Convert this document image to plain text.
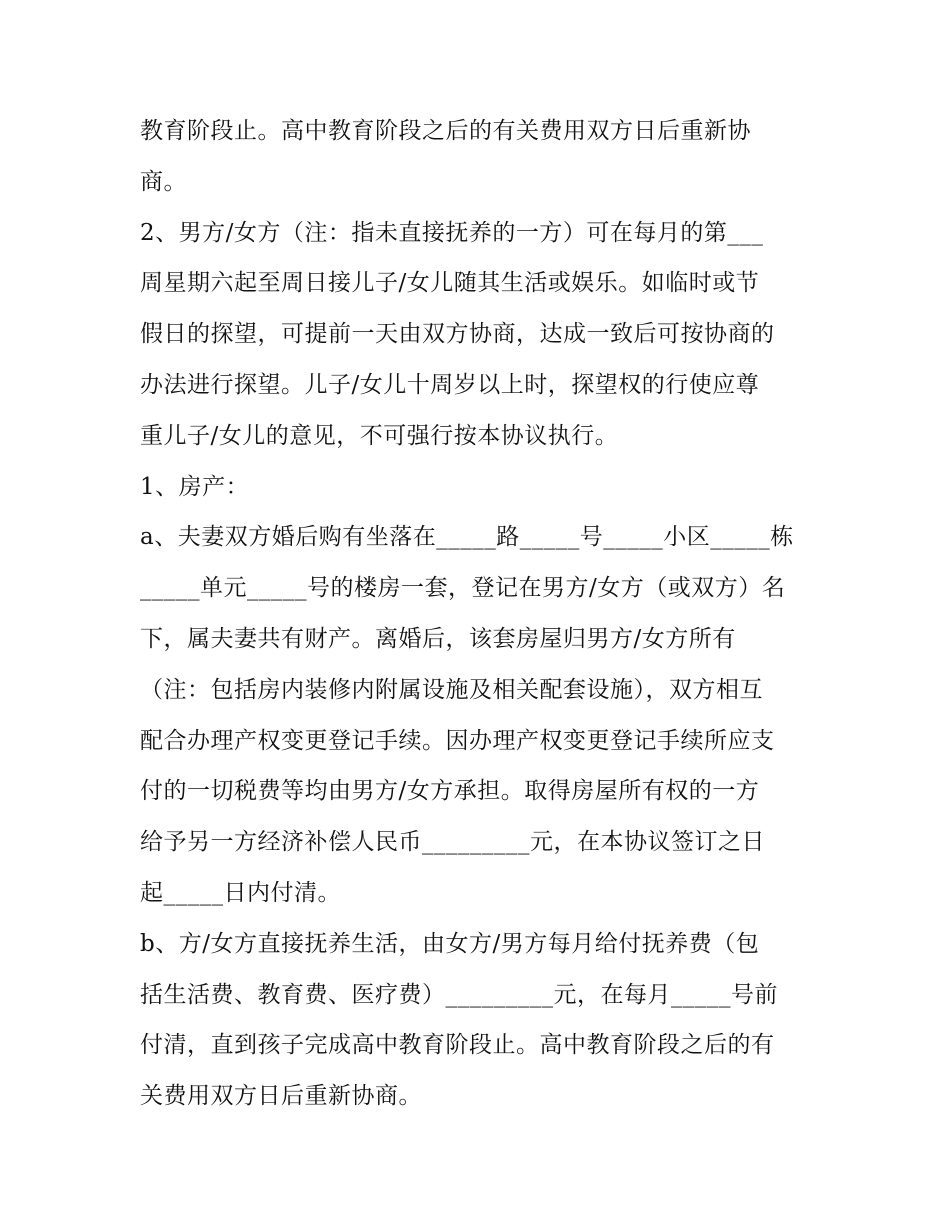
教育阶段止。高中教育阶段之后的有关费用双方日后重新协
商。
2、男方/女方（注：指未直接抚养的一方）可在每月的第___
周星期六起至周日接儿子/女儿随其生活或娱乐。如临时或节
假日的探望，可提前一天由双方协商，达成一致后可按协商的
办法进行探望。儿子/女儿十周岁以上时，探望权的行使应尊
重儿子/女儿的意见，不可强行按本协议执行。
1、房产：
a、夫妻双方婚后购有坐落在_____路_____号_____小区_____栋
_____单元_____号的楼房一套，登记在男方/女方（或双方）名
下，属夫妻共有财产。离婚后，该套房屋归男方/女方所有
（注：包括房内装修内附属设施及相关配套设施），双方相互
配合办理产权变更登记手续。因办理产权变更登记手续所应支
付的一切税费等均由男方/女方承担。取得房屋所有权的一方
给予另一方经济补偿人民币_________元，在本协议签订之日
起_____日内付清。
b、方/女方直接抚养生活，由女方/男方每月给付抚养费（包
括生活费、教育费、医疗费）_________元，在每月_____号前
付清，直到孩子完成高中教育阶段止。高中教育阶段之后的有
关费用双方日后重新协商。
